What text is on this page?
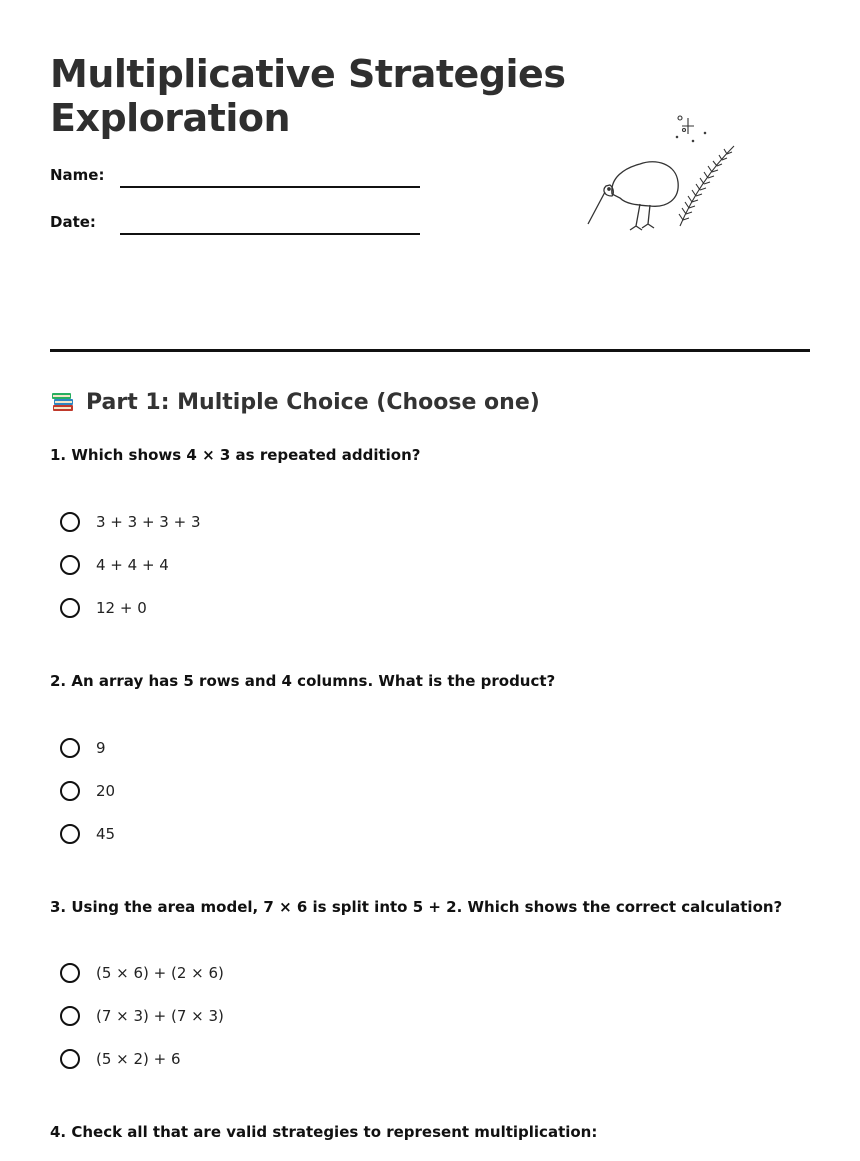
Multiplicative Strategies
Exploration
Name:
Date:
Part 1: Multiple Choice (Choose one)

1. Which shows 4 × 3 as repeated addition?

3 + 3 + 3 + 3
4 + 4 + 4
12 + 0

2. An array has 5 rows and 4 columns. What is the product?

9
20
45

3. Using the area model, 7 × 6 is split into 5 + 2. Which shows the correct calculation?

(5 × 6) + (2 × 6)
(7 × 3) + (7 × 3)
(5 × 2) + 6

4. Check all that are valid strategies to represent multiplication:
